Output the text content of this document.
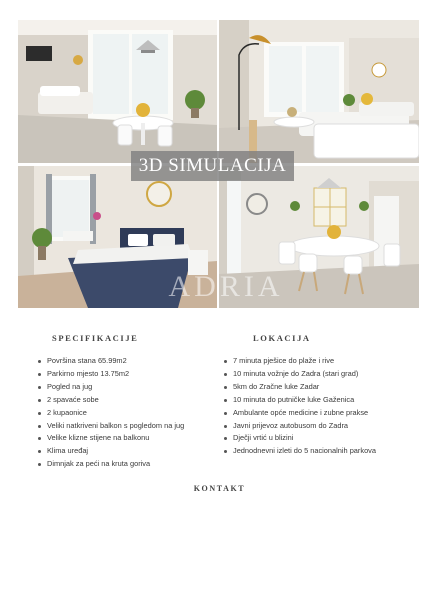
3D SIMULACIJA
ADRIA
SPECIFIKACIJE	LOKACIJA
Površina stana 65.99m2
Parkirno mjesto 13.75m2
Pogled na jug
2 spavaće sobe
2 kupaonice
Veliki natkriveni balkon s pogledom na jug
Velike klizne stijene na balkonu
Klima uređaj
Dimnjak za peći na kruta goriva
7 minuta pješice do plaže i rive
10 minuta vožnje do Zadra (stari grad)
5km do Zračne luke Zadar
10 minuta do putničke luke Gaženica
Ambulante opće medicine i zubne prakse
Javni prijevoz autobusom do Zadra
Dječji vrtić u blizini
Jednodnevni izleti do 5 nacionalnih parkova
KONTAKT
